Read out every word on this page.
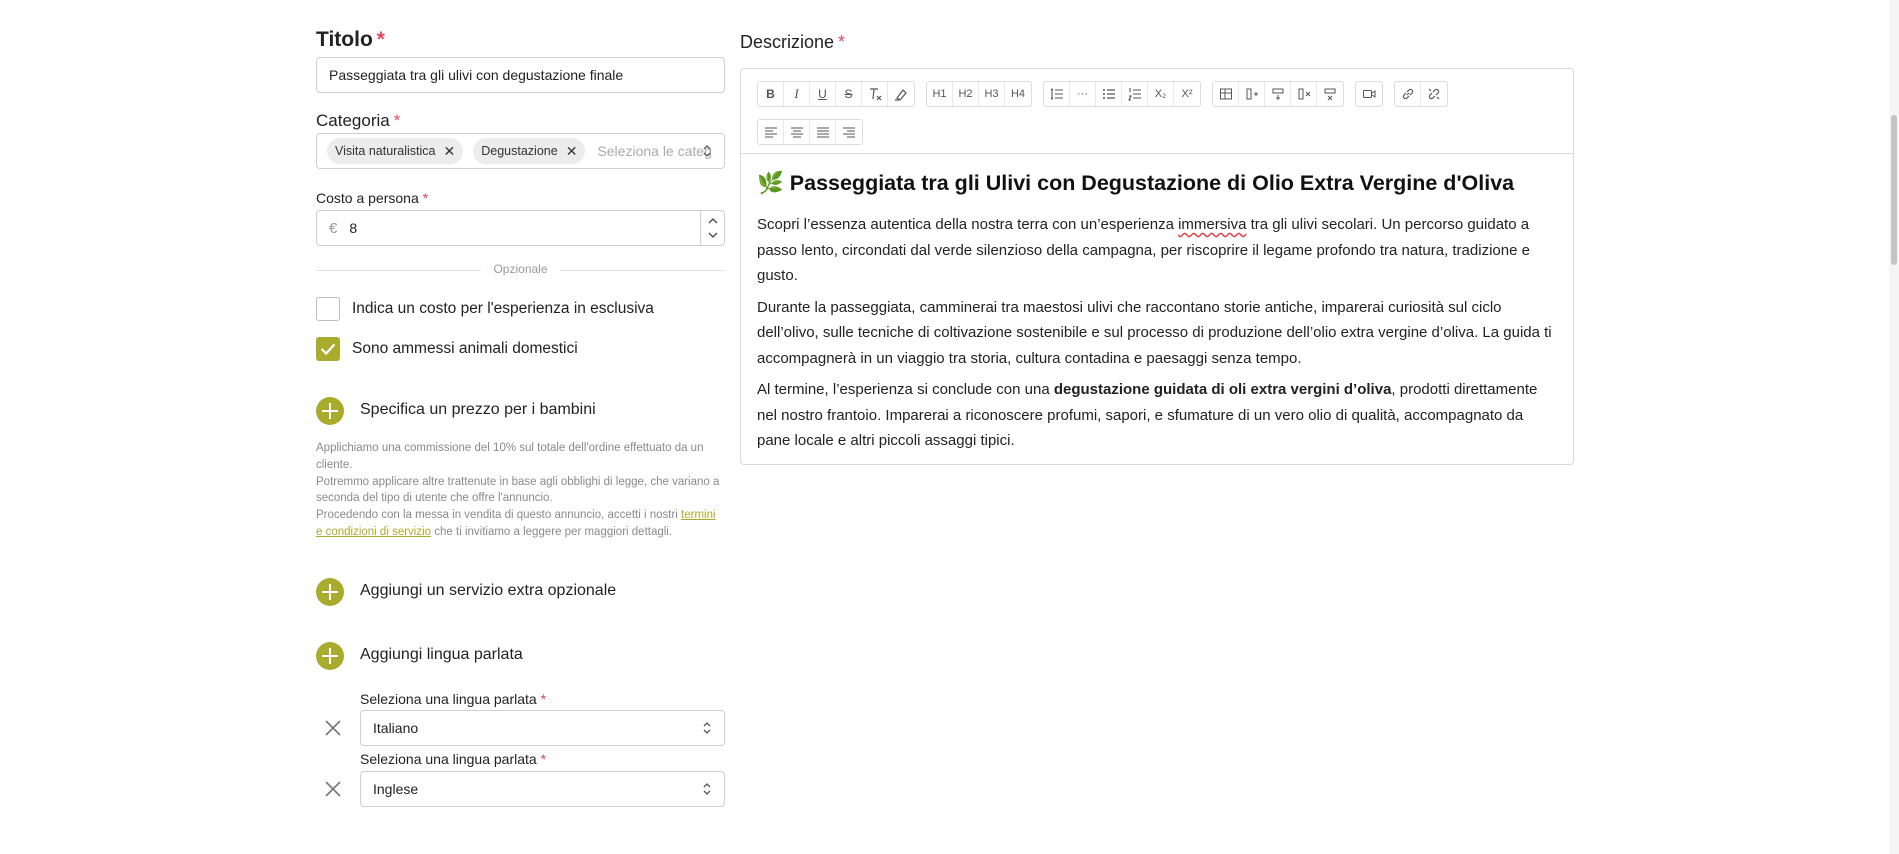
Titolo *
Passeggiata tra gli ulivi con degustazione finale
Categoria *
Visita naturalistica ✕ Degustazione ✕ Seleziona le categ
Costo a persona *
€ 8
Opzionale
Indica un costo per l'esperienza in esclusiva
Sono ammessi animali domestici
Specifica un prezzo per i bambini
Applichiamo una commissione del 10% sul totale dell'ordine effettuato da un cliente.
Potremmo applicare altre trattenute in base agli obblighi di legge, che variano a seconda del tipo di utente che offre l'annuncio.
Procedendo con la messa in vendita di questo annuncio, accetti i nostri termini e condizioni di servizio che ti invitiamo a leggere per maggiori dettagli.
Aggiungi un servizio extra opzionale
Aggiungi lingua parlata
Seleziona una lingua parlata *
Italiano
Seleziona una lingua parlata *
Inglese
Descrizione *
B I U S	H1	H2	H3	H4	···	X₂	X²
🌿 Passeggiata tra gli Ulivi con Degustazione di Olio Extra Vergine d'Oliva

Scopri l’essenza autentica della nostra terra con un’esperienza immersiva tra gli ulivi secolari. Un percorso guidato a passo lento, circondati dal verde silenzioso della campagna, per riscoprire il legame profondo tra natura, tradizione e gusto.

Durante la passeggiata, camminerai tra maestosi ulivi che raccontano storie antiche, imparerai curiosità sul ciclo dell’olivo, sulle tecniche di coltivazione sostenibile e sul processo di produzione dell’olio extra vergine d’oliva. La guida ti accompagnerà in un viaggio tra storia, cultura contadina e paesaggi senza tempo.

Al termine, l’esperienza si conclude con una degustazione guidata di oli extra vergini d’oliva, prodotti direttamente nel nostro frantoio. Imparerai a riconoscere profumi, sapori, e sfumature di un vero olio di qualità, accompagnato da pane locale e altri piccoli assaggi tipici.
